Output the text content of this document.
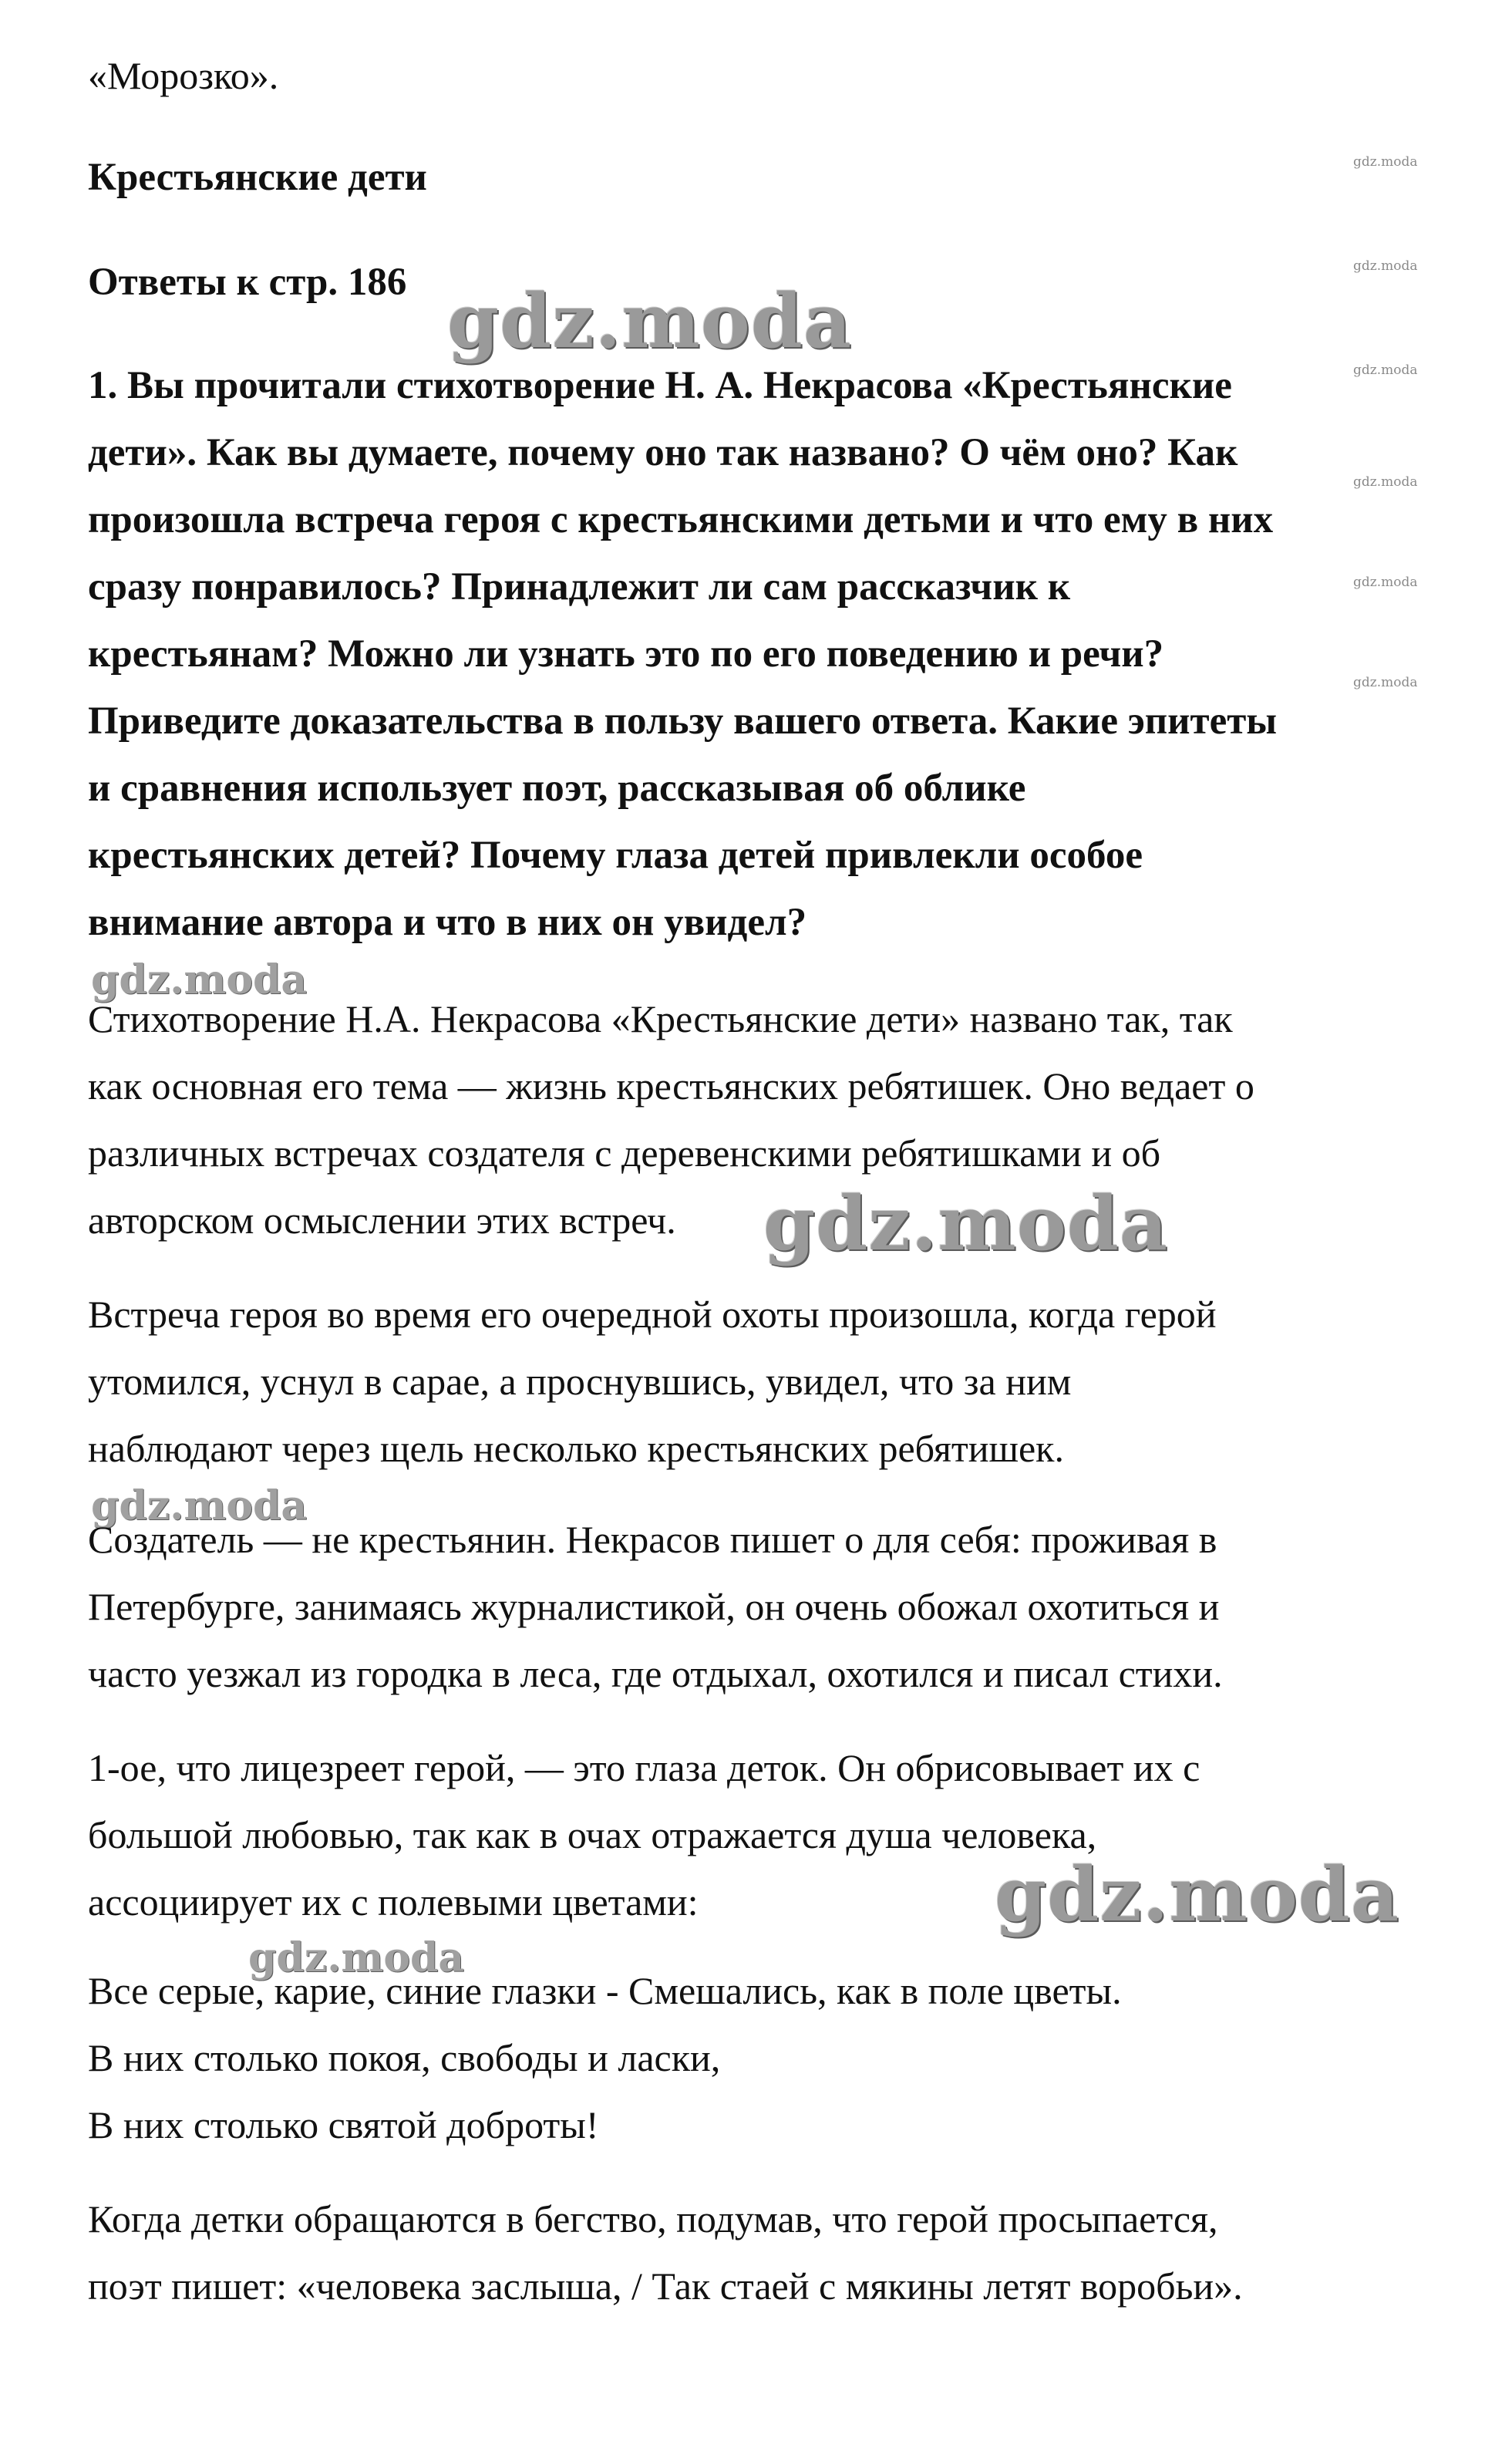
gdz.moda
gdz.moda
gdz.moda
gdz.moda
gdz.moda
gdz.moda
«Морозко».
Крестьянские дети
Ответы к стр. 186 gdz.moda
1. Вы прочитали стихотворение Н. А. Некрасова «Крестьянские
дети». Как вы думаете, почему оно так названо? О чём оно? Как
произошла встреча героя с крестьянскими детьми и что ему в них
сразу понравилось? Принадлежит ли сам рассказчик к
крестьянам? Можно ли узнать это по его поведению и речи?
Приведите доказательства в пользу вашего ответа. Какие эпитеты
и сравнения использует поэт, рассказывая об облике
крестьянских детей? Почему глаза детей привлекли особое
внимание автора и что в них он увидел?
gdz.moda
Стихотворение Н.А. Некрасова «Крестьянские дети» названо так, так
как основная его тема — жизнь крестьянских ребятишек. Оно ведает о
различных встречах создателя с деревенскими ребятишками и об
авторском осмыслении этих встреч. gdz.moda
Встреча героя во время его очередной охоты произошла, когда герой
утомился, уснул в сарае, а проснувшись, увидел, что за ним
наблюдают через щель несколько крестьянских ребятишек.
gdz.moda
Создатель — не крестьянин. Некрасов пишет о для себя: проживая в
Петербурге, занимаясь журналистикой, он очень обожал охотиться и
часто уезжал из городка в леса, где отдыхал, охотился и писал стихи.
1-ое, что лицезреет герой, — это глаза деток. Он обрисовывает их с
большой любовью, так как в очах отражается душа человека,
ассоциирует их с полевыми цветами:	gdz.moda
gdz.moda
Все серые, карие, синие глазки - Смешались, как в поле цветы.
В них столько покоя, свободы и ласки,
В них столько святой доброты!
Когда детки обращаются в бегство, подумав, что герой просыпается,
поэт пишет: «человека заслыша, / Так стаей с мякины летят воробьи».
